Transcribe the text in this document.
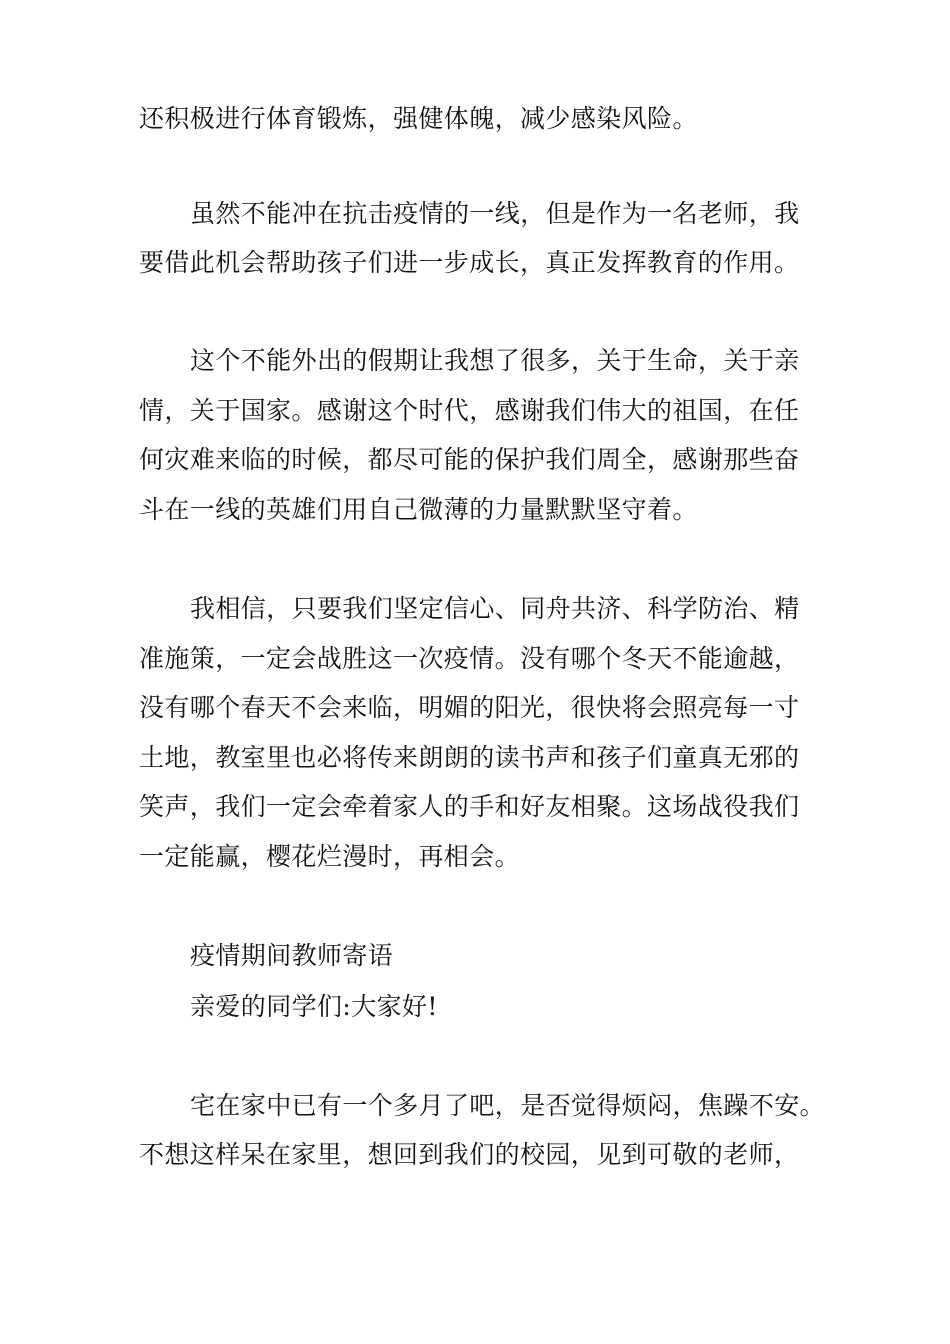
还积极进行体育锻炼，强健体魄，减少感染风险。
虽然不能冲在抗击疫情的一线，但是作为一名老师，我
要借此机会帮助孩子们进一步成长，真正发挥教育的作用。
这个不能外出的假期让我想了很多，关于生命，关于亲
情，关于国家。感谢这个时代，感谢我们伟大的祖国，在任
何灾难来临的时候，都尽可能的保护我们周全，感谢那些奋
斗在一线的英雄们用自己微薄的力量默默坚守着。
我相信，只要我们坚定信心、同舟共济、科学防治、精
准施策，一定会战胜这一次疫情。没有哪个冬天不能逾越，
没有哪个春天不会来临，明媚的阳光，很快将会照亮每一寸
土地，教室里也必将传来朗朗的读书声和孩子们童真无邪的
笑声，我们一定会牵着家人的手和好友相聚。这场战役我们
一定能赢，樱花烂漫时，再相会。
疫情期间教师寄语
亲爱的同学们:大家好!
宅在家中已有一个多月了吧，是否觉得烦闷，焦躁不安。
不想这样呆在家里，想回到我们的校园，见到可敬的老师，
